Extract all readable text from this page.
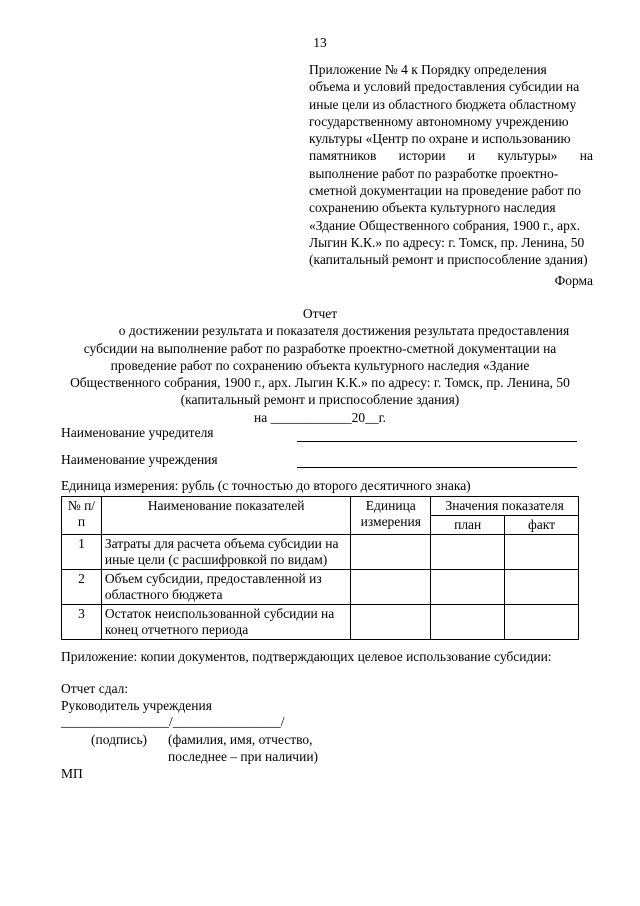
13
Приложение № 4 к Порядку определения
объема и условий предоставления субсидии на
иные цели из областного бюджета областному
государственному автономному учреждению
культуры «Центр по охране и использованию
памятников истории и культуры» на
выполнение работ по разработке проектно-
сметной документации на проведение работ по
сохранению объекта культурного наследия
«Здание Общественного собрания, 1900 г., арх.
Лыгин К.К.» по адресу: г. Томск, пр. Ленина, 50
(капитальный ремонт и приспособление здания)
Форма
Отчет
о достижении результата и показателя достижения результата предоставления
субсидии на выполнение работ по разработке проектно-сметной документации на
проведение работ по сохранению объекта культурного наследия «Здание
Общественного собрания, 1900 г., арх. Лыгин К.К.» по адресу: г. Томск, пр. Ленина, 50
(капитальный ремонт и приспособление здания)
на ____________20__г.
Наименование учредителя
Наименование учреждения
Единица измерения: рубль (с точностью до второго десятичного знака)
№ п/п	Наименование показателей	Единица измерения	Значения показателя	
			план	факт
1	Затраты для расчета объема субсидии на иные цели (с расшифровкой по видам)			
2	Объем субсидии, предоставленной из областного бюджета			
3	Остаток неиспользованной субсидии на конец отчетного периода			
Приложение: копии документов, подтверждающих целевое использование субсидии:
Отчет сдал:
Руководитель учреждения
________________/________________/
(подпись) (фамилия, имя, отчество,
последнее – при наличии)
МП
